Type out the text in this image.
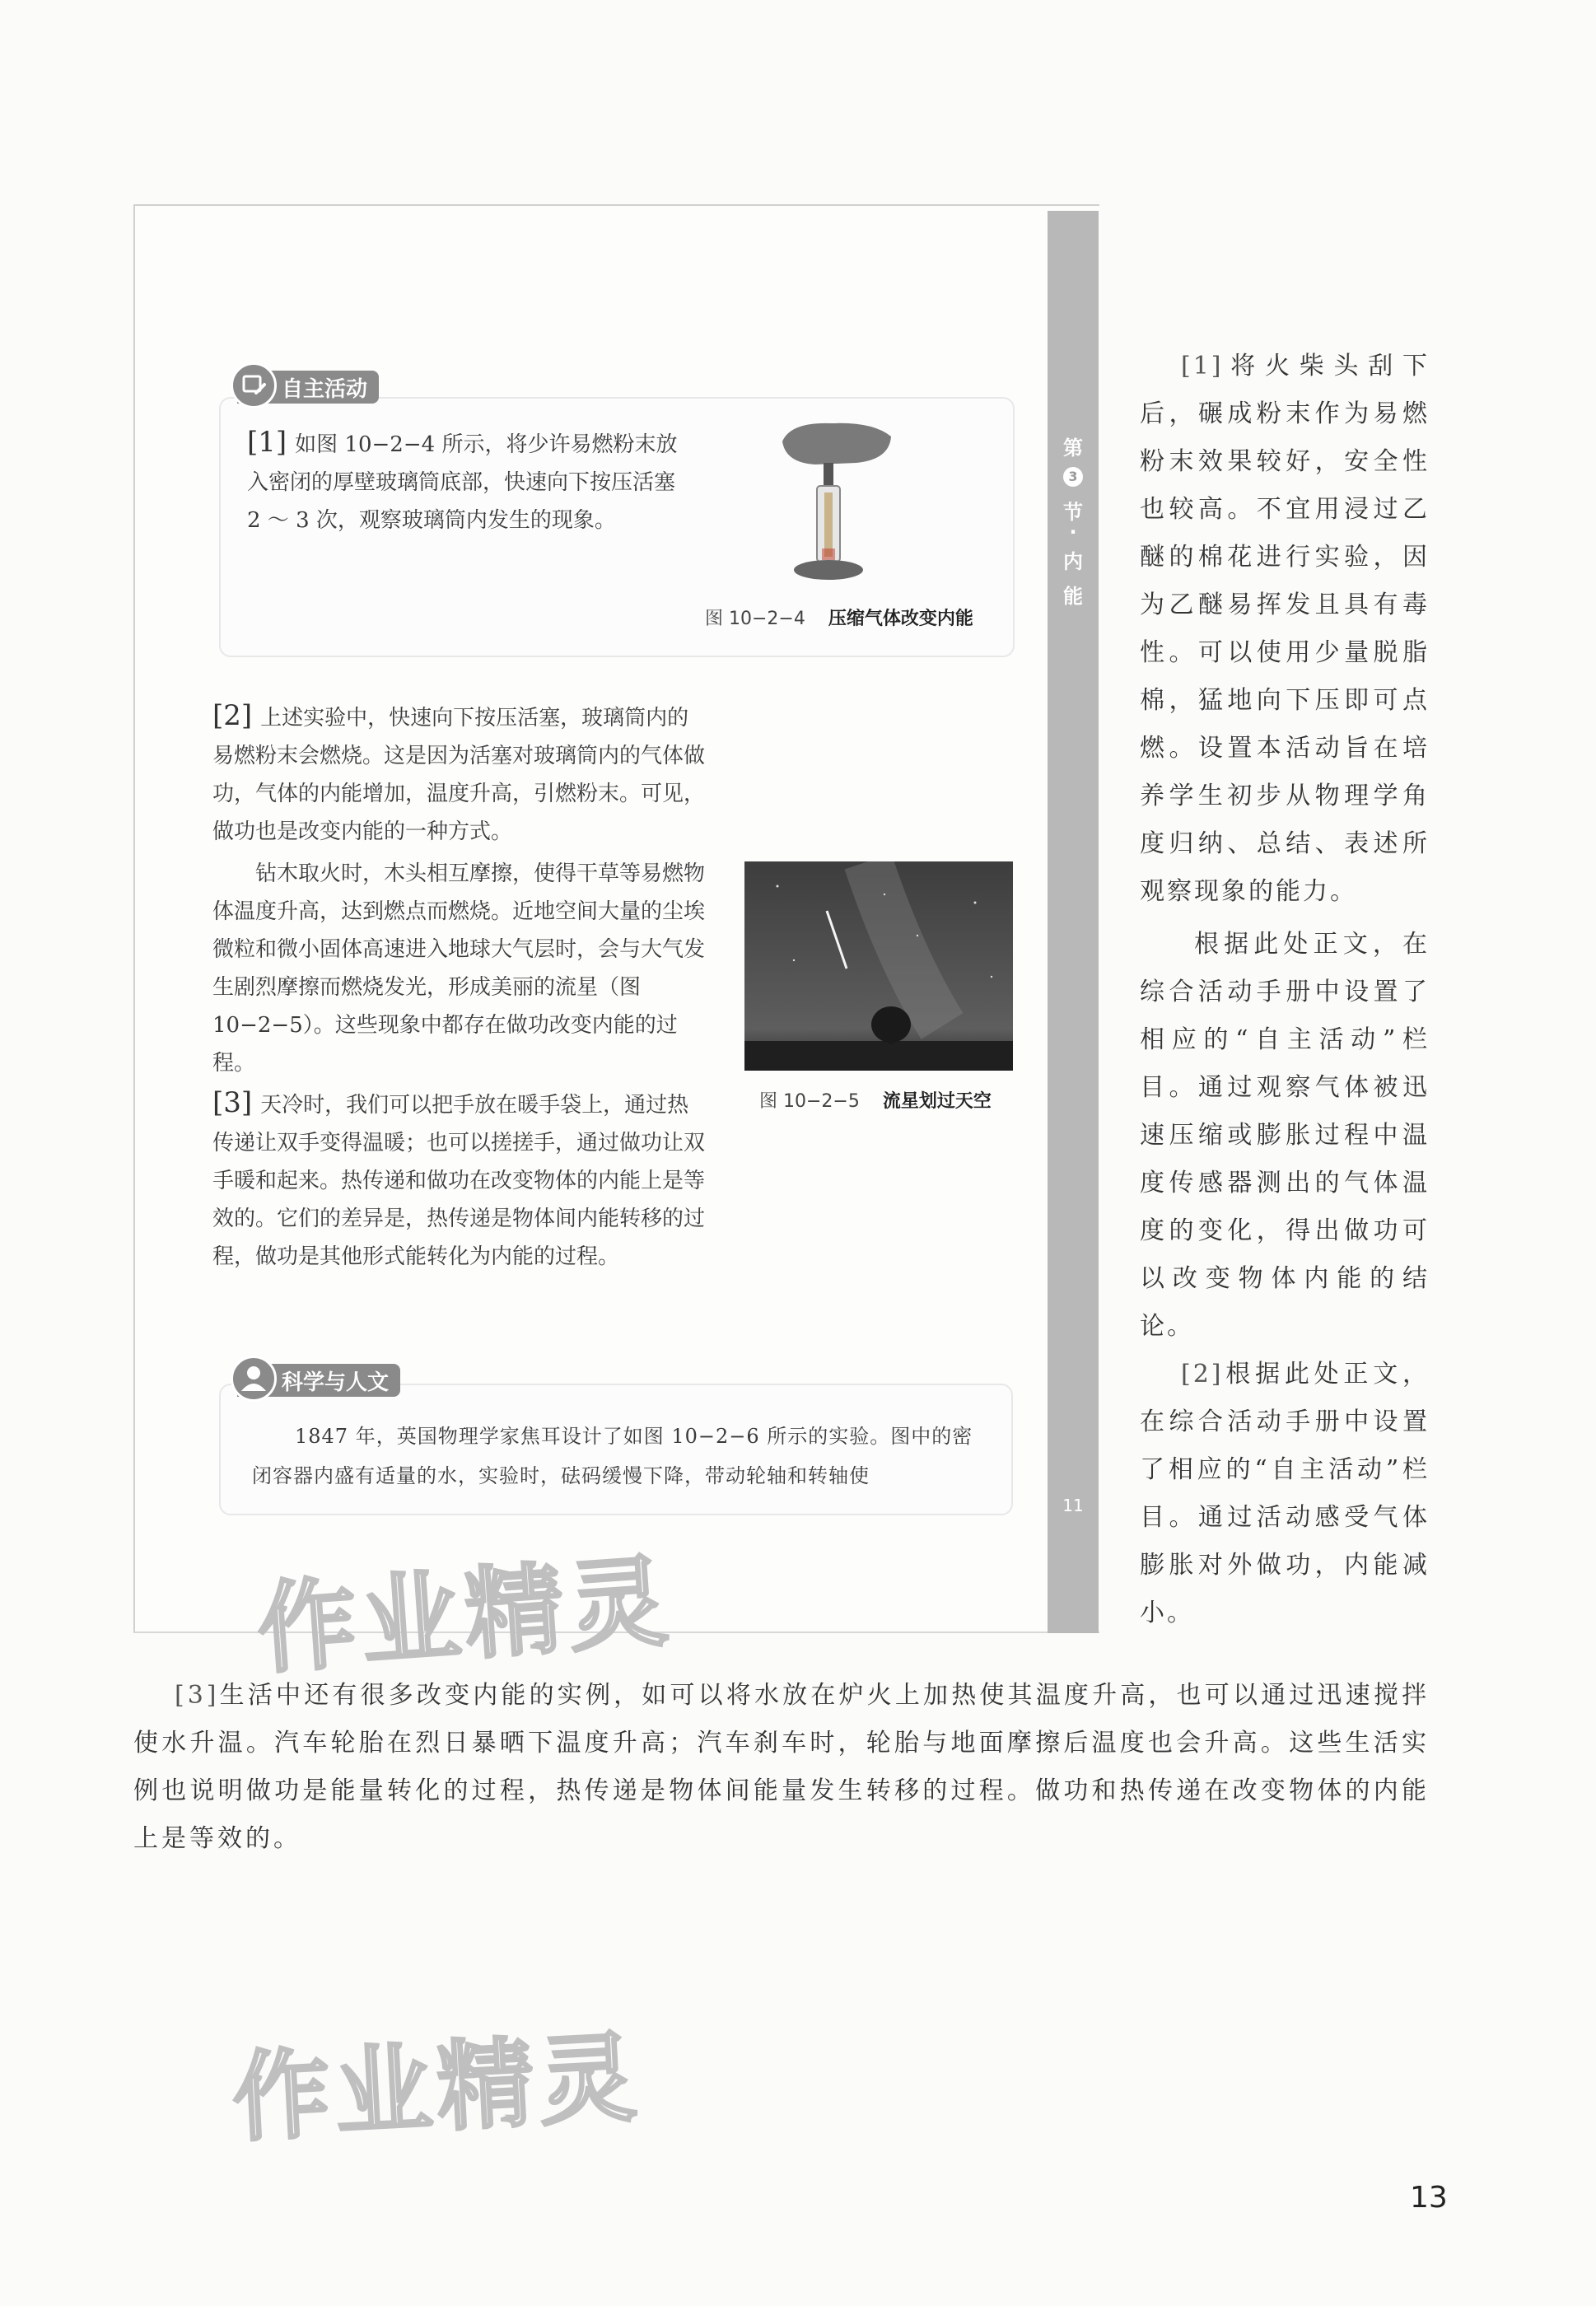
第
3
节
·
内
能
11
自主活动
[1] 如图 10−2−4 所示，将少许易燃粉末放入密闭的厚壁玻璃筒底部，快速向下按压活塞 2 ～ 3 次，观察玻璃筒内发生的现象。
图 10−2−4 压缩气体改变内能
[2] 上述实验中，快速向下按压活塞，玻璃筒内的易燃粉末会燃烧。这是因为活塞对玻璃筒内的气体做功，气体的内能增加，温度升高，引燃粉末。可见，做功也是改变内能的一种方式。
钻木取火时，木头相互摩擦，使得干草等易燃物体温度升高，达到燃点而燃烧。近地空间大量的尘埃微粒和微小固体高速进入地球大气层时，会与大气发生剧烈摩擦而燃烧发光，形成美丽的流星（图 10−2−5）。这些现象中都存在做功改变内能的过程。
[3] 天冷时，我们可以把手放在暖手袋上，通过热传递让双手变得温暖；也可以搓搓手，通过做功让双手暖和起来。热传递和做功在改变物体的内能上是等效的。它们的差异是，热传递是物体间内能转移的过程，做功是其他形式能转化为内能的过程。
图 10−2−5 流星划过天空
科学与人文
1847 年，英国物理学家焦耳设计了如图 10−2−6 所示的实验。图中的密闭容器内盛有适量的水，实验时，砝码缓慢下降，带动轮轴和转轴使
作业精灵
[1]将火柴头刮下后，碾成粉末作为易燃粉末效果较好，安全性也较高。不宜用浸过乙醚的棉花进行实验，因为乙醚易挥发且具有毒性。可以使用少量脱脂棉，猛地向下压即可点燃。设置本活动旨在培养学生初步从物理学角度归纳、总结、表述所观察现象的能力。
根据此处正文，在综合活动手册中设置了相应的“自主活动”栏目。通过观察气体被迅速压缩或膨胀过程中温度传感器测出的气体温度的变化，得出做功可以改变物体内能的结论。
[2]根据此处正文，在综合活动手册中设置了相应的“自主活动”栏目。通过活动感受气体膨胀对外做功，内能减小。
[3]生活中还有很多改变内能的实例，如可以将水放在炉火上加热使其温度升高，也可以通过迅速搅拌使水升温。汽车轮胎在烈日暴晒下温度升高；汽车刹车时，轮胎与地面摩擦后温度也会升高。这些生活实例也说明做功是能量转化的过程，热传递是物体间能量发生转移的过程。做功和热传递在改变物体的内能上是等效的。
作业精灵
13
